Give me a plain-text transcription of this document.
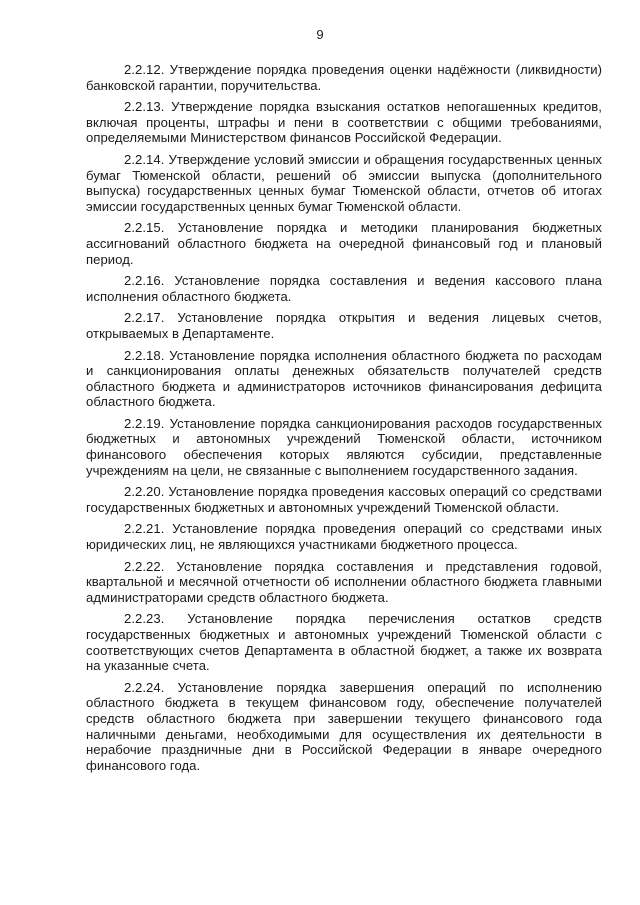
9

2.2.12. Утверждение порядка проведения оценки надёжности (ликвидности) банковской гарантии, поручительства.

2.2.13. Утверждение порядка взыскания остатков непогашенных кредитов, включая проценты, штрафы и пени в соответствии с общими требованиями, определяемыми Министерством финансов Российской Федерации.

2.2.14. Утверждение условий эмиссии и обращения государственных ценных бумаг Тюменской области, решений об эмиссии выпуска (дополнительного выпуска) государственных ценных бумаг Тюменской области, отчетов об итогах эмиссии государственных ценных бумаг Тюменской области.

2.2.15. Установление порядка и методики планирования бюджетных ассигнований областного бюджета на очередной финансовый год и плановый период.

2.2.16. Установление порядка составления и ведения кассового плана исполнения областного бюджета.

2.2.17. Установление порядка открытия и ведения лицевых счетов, открываемых в Департаменте.

2.2.18. Установление порядка исполнения областного бюджета по расходам и санкционирования оплаты денежных обязательств получателей средств областного бюджета и администраторов источников финансирования дефицита областного бюджета.

2.2.19. Установление порядка санкционирования расходов государственных бюджетных и автономных учреждений Тюменской области, источником финансового обеспечения которых являются субсидии, представленные учреждениям на цели, не связанные с выполнением государственного задания.

2.2.20. Установление порядка проведения кассовых операций со средствами государственных бюджетных и автономных учреждений Тюменской области.

2.2.21. Установление порядка проведения операций со средствами иных юридических лиц, не являющихся участниками бюджетного процесса.

2.2.22. Установление порядка составления и представления годовой, квартальной и месячной отчетности об исполнении областного бюджета главными администраторами средств областного бюджета.

2.2.23. Установление порядка перечисления остатков средств государственных бюджетных и автономных учреждений Тюменской области с соответствующих счетов Департамента в областной бюджет, а также их возврата на указанные счета.

2.2.24. Установление порядка завершения операций по исполнению областного бюджета в текущем финансовом году, обеспечение получателей средств областного бюджета при завершении текущего финансового года наличными деньгами, необходимыми для осуществления их деятельности в нерабочие праздничные дни в Российской Федерации в январе очередного финансового года.
